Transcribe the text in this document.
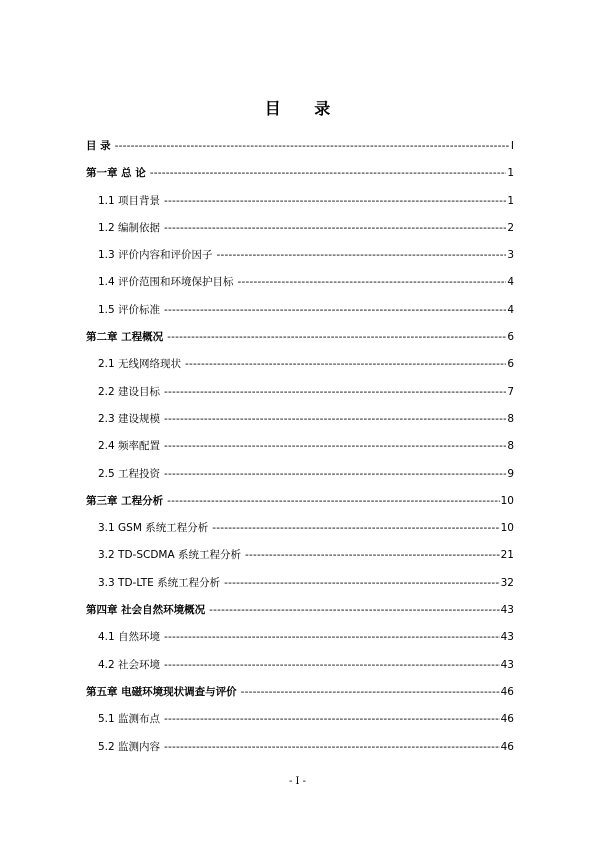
目 录
目 录 -----	I
第一章 总 论 -----	1
1.1 项目背景 -----	1
1.2 编制依据 -----	2
1.3 评价内容和评价因子 -----	3
1.4 评价范围和环境保护目标 -----	4
1.5 评价标准 -----	4
第二章 工程概况 -----	6
2.1 无线网络现状 -----	6
2.2 建设目标 -----	7
2.3 建设规模 -----	8
2.4 频率配置 -----	8
2.5 工程投资 -----	9
第三章 工程分析 -----	10
3.1 GSM 系统工程分析 -----	10
3.2 TD-SCDMA 系统工程分析 -----	21
3.3 TD-LTE 系统工程分析 -----	32
第四章 社会自然环境概况 -----	43
4.1 自然环境 -----	43
4.2 社会环境 -----	43
第五章 电磁环境现状调查与评价 -----	46
5.1 监测布点 -----	46
5.2 监测内容 -----	46
- I -
